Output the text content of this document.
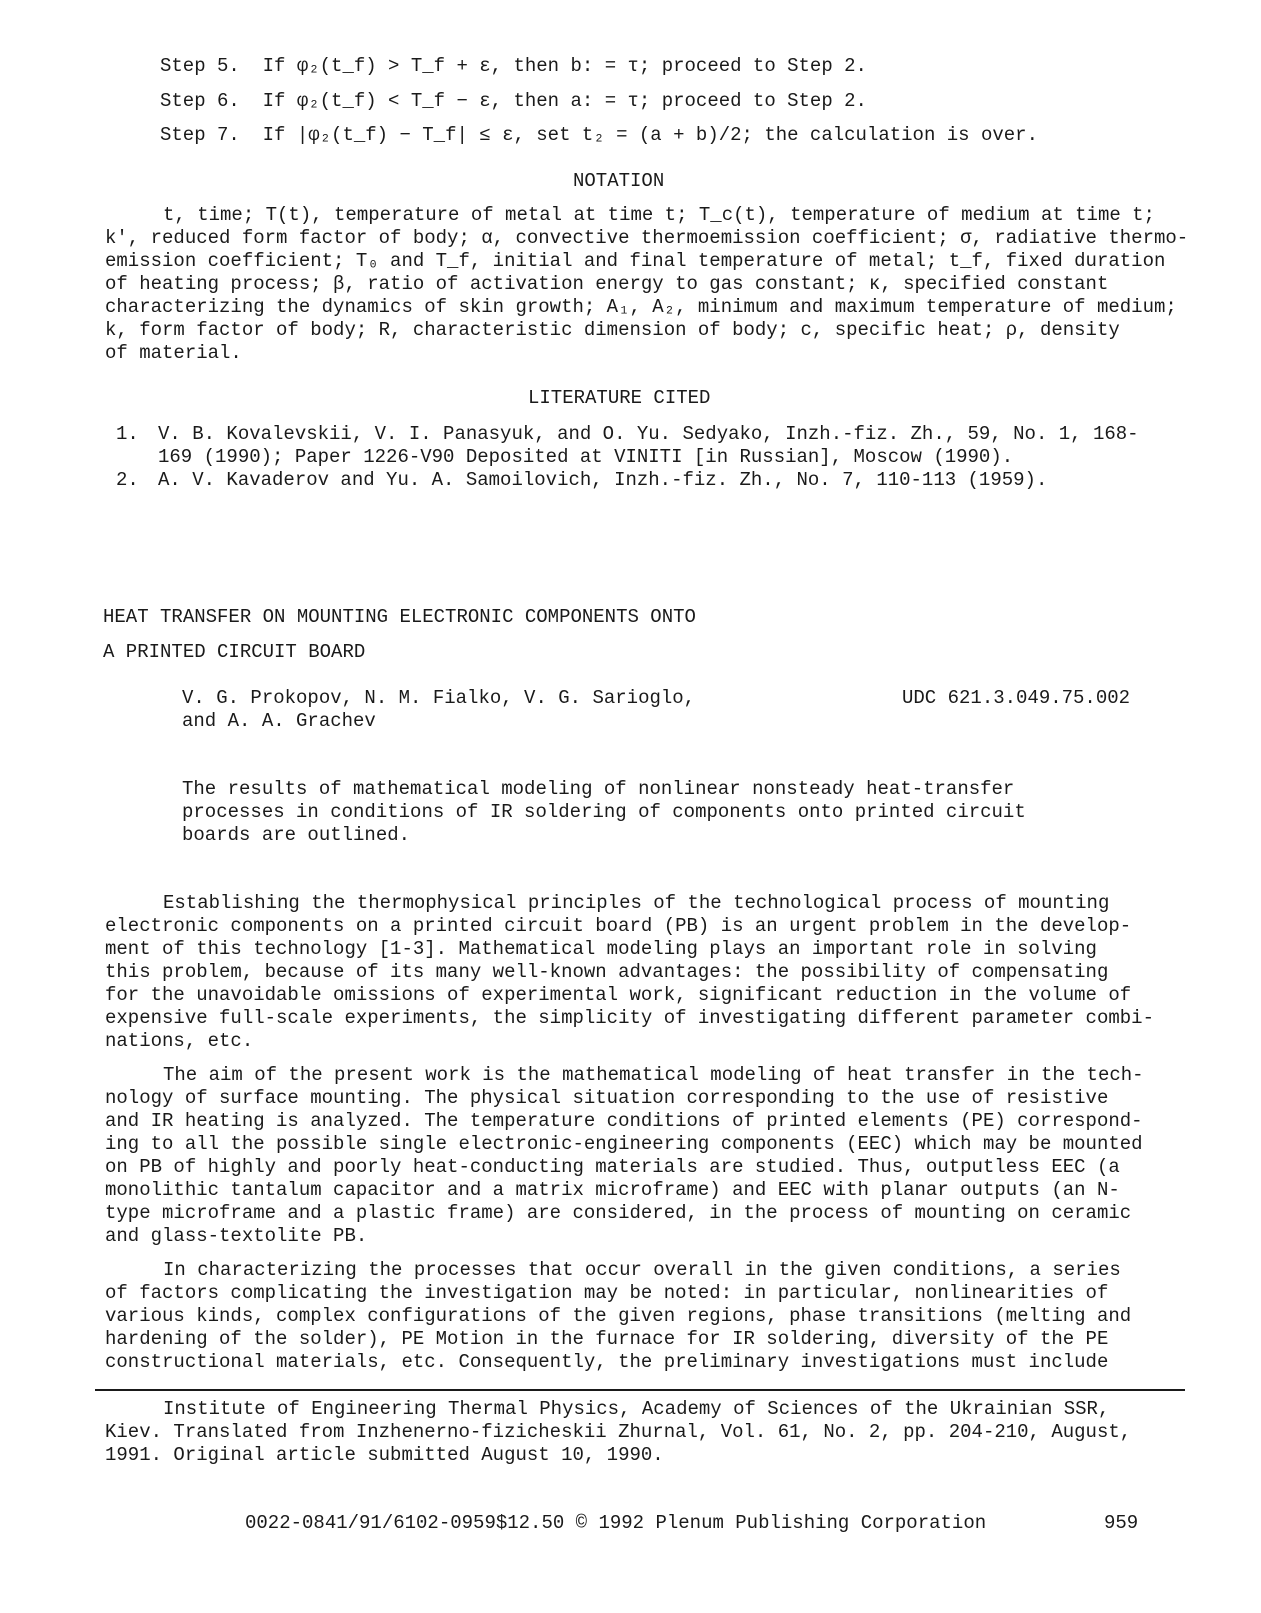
Step 5. If φ₂(t_f) > T_f + ε, then b: = τ; proceed to Step 2.
Step 6. If φ₂(t_f) < T_f − ε, then a: = τ; proceed to Step 2.
Step 7. If |φ₂(t_f) − T_f| ≤ ε, set t₂ = (a + b)/2; the calculation is over.
NOTATION
t, time; T(t), temperature of metal at time t; T_c(t), temperature of medium at time t;
k', reduced form factor of body; α, convective thermoemission coefficient; σ, radiative thermo-
emission coefficient; T₀ and T_f, initial and final temperature of metal; t_f, fixed duration
of heating process; β, ratio of activation energy to gas constant; κ, specified constant
characterizing the dynamics of skin growth; A₁, A₂, minimum and maximum temperature of medium;
k, form factor of body; R, characteristic dimension of body; c, specific heat; ρ, density
of material.
LITERATURE CITED
1. V. B. Kovalevskii, V. I. Panasyuk, and O. Yu. Sedyako, Inzh.-fiz. Zh., 59, No. 1, 168-
169 (1990); Paper 1226-V90 Deposited at VINITI [in Russian], Moscow (1990).
2. A. V. Kavaderov and Yu. A. Samoilovich, Inzh.-fiz. Zh., No. 7, 110-113 (1959).
HEAT TRANSFER ON MOUNTING ELECTRONIC COMPONENTS ONTO
A PRINTED CIRCUIT BOARD
V. G. Prokopov, N. M. Fialko, V. G. Sarioglo,
and A. A. Grachev
UDC 621.3.049.75.002
The results of mathematical modeling of nonlinear nonsteady heat-transfer
processes in conditions of IR soldering of components onto printed circuit
boards are outlined.
Establishing the thermophysical principles of the technological process of mounting
electronic components on a printed circuit board (PB) is an urgent problem in the develop-
ment of this technology [1-3]. Mathematical modeling plays an important role in solving
this problem, because of its many well-known advantages: the possibility of compensating
for the unavoidable omissions of experimental work, significant reduction in the volume of
expensive full-scale experiments, the simplicity of investigating different parameter combi-
nations, etc.
The aim of the present work is the mathematical modeling of heat transfer in the tech-
nology of surface mounting. The physical situation corresponding to the use of resistive
and IR heating is analyzed. The temperature conditions of printed elements (PE) correspond-
ing to all the possible single electronic-engineering components (EEC) which may be mounted
on PB of highly and poorly heat-conducting materials are studied. Thus, outputless EEC (a
monolithic tantalum capacitor and a matrix microframe) and EEC with planar outputs (an N-
type microframe and a plastic frame) are considered, in the process of mounting on ceramic
and glass-textolite PB.
In characterizing the processes that occur overall in the given conditions, a series
of factors complicating the investigation may be noted: in particular, nonlinearities of
various kinds, complex configurations of the given regions, phase transitions (melting and
hardening of the solder), PE Motion in the furnace for IR soldering, diversity of the PE
constructional materials, etc. Consequently, the preliminary investigations must include
Institute of Engineering Thermal Physics, Academy of Sciences of the Ukrainian SSR,
Kiev. Translated from Inzhenerno-fizicheskii Zhurnal, Vol. 61, No. 2, pp. 204-210, August,
1991. Original article submitted August 10, 1990.
0022-0841/91/6102-0959$12.50 © 1992 Plenum Publishing Corporation	959
